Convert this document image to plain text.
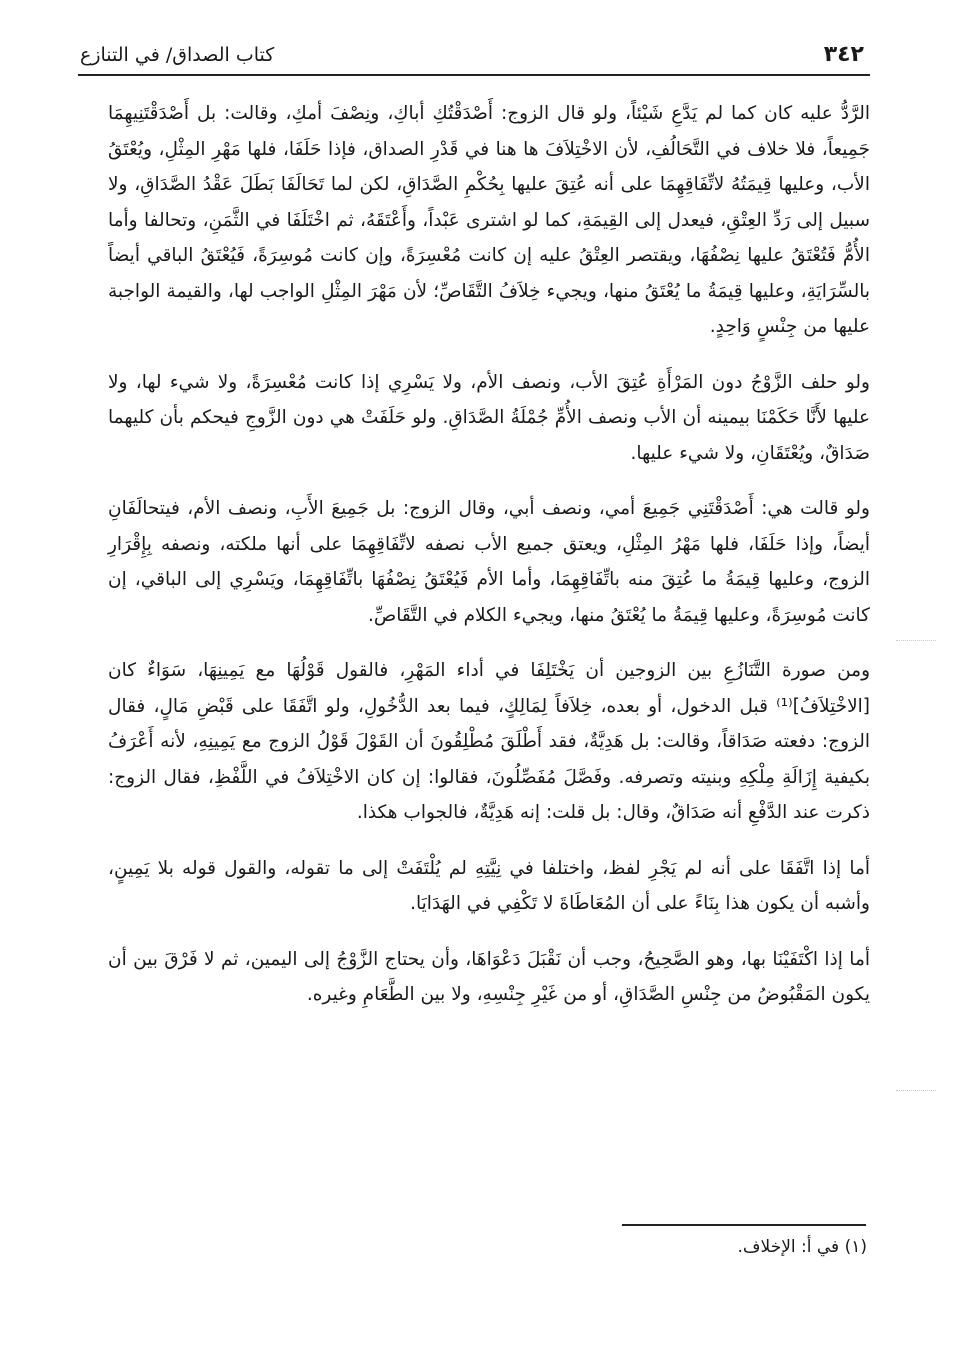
٣٤٢
كتاب الصداق/ في التنازع

الرَّدُّ عليه كان كما لم يَدَّعِ شَيْئاً، ولو قال الزوج: أَصْدَقْتُكِ أباكِ، ونِصْفَ أمكِ، وقالت: بل أَصْدَقْتَنِيهِمَا جَمِيعاً، فلا خلاف في التَّحَالُفِ، لأن الاخْتِلاَفَ ها هنا في قَدْرِ الصداق، فإذا حَلَفَا، فلها مَهْرِ المِثْلِ، ويُعْتَقُ الأب، وعليها قِيمَتُهُ لاتِّفَاقِهِمَا على أنه عُتِقَ عليها بِحُكْمِ الصَّدَاقِ، لكن لما تَحَالَفَا بَطَلَ عَقْدُ الصَّدَاقِ، ولا سبيل إلى رَدِّ العِتْقِ، فيعدل إلى القِيمَةِ، كما لو اشترى عَبْداً، وأَعْتَقَهُ، ثم اخْتَلَفَا في الثَّمَنِ، وتحالفا وأما الأُمُّ فَتُعْتَقُ عليها نِصْفُهَا، ويقتصر العِتْقُ عليه إن كانت مُعْسِرَةً، وإن كانت مُوسِرَةً، فَيُعْتَقُ الباقي أيضاً بالسِّرَايَةِ، وعليها قِيمَةُ ما يُعْتَقُ منها، ويجيء خِلاَفُ التَّقَاصِّ؛ لأن مَهْرَ المِثْلِ الواجب لها، والقيمة الواجبة عليها من جِنْسٍ وَاحِدٍ.

ولو حلف الزَّوْجُ دون المَرْأَةِ عُتِقَ الأب، ونصف الأم، ولا يَسْرِي إذا كانت مُعْسِرَةً، ولا شيء لها، ولا عليها لأَنَّا حَكَمْنَا بيمينه أن الأب ونصف الأُمِّ جُمْلَةُ الصَّدَاقِ. ولو حَلَفَتْ هي دون الزَّوجِ فيحكم بأن كليهما صَدَاقٌ، ويُعْتَقَانِ، ولا شيء عليها.

ولو قالت هي: أَصْدَقْتَنِي جَمِيعَ أمي، ونصف أبي، وقال الزوج: بل جَمِيعَ الأَبِ، ونصف الأم، فيتحالَفَانِ أيضاً، وإذا حَلَفَا، فلها مَهْرُ المِثْلِ، ويعتق جميع الأب نصفه لاتِّفَاقِهِمَا على أنها ملكته، ونصفه بِإِقْرَارِ الزوج، وعليها قِيمَةُ ما عُتِقَ منه باتِّفَاقِهِمَا، وأما الأم فَيُعْتَقُ نِصْفُهَا باتِّفَاقِهِمَا، ويَسْرِي إلى الباقي، إن كانت مُوسِرَةً، وعليها قِيمَةُ ما يُعْتَقُ منها، ويجيء الكلام في التَّقَاصِّ.

ومن صورة التَّنَازُعِ بين الزوجين أن يَخْتَلِفَا في أداء المَهْرِ، فالقول قَوْلُهَا مع يَمِينِهَا، سَوَاءٌ كان [الاخْتِلاَفُ]⁽¹⁾ قبل الدخول، أو بعده، خِلاَفاً لِمَالِكٍ، فيما بعد الدُّخُولِ، ولو اتَّفَقَا على قَبْضِ مَالٍ، فقال الزوج: دفعته صَدَاقاً، وقالت: بل هَدِيَّةٌ، فقد أَطْلَقَ مُطْلِقُونَ أن القَوْلَ قَوْلُ الزوج مع يَمِينِهِ، لأنه أَعْرَفُ بكيفية إِزَالَةِ مِلْكِهِ وبنيته وتصرفه. وفَصَّلَ مُفَصِّلُونَ، فقالوا: إن كان الاخْتِلاَفُ في اللَّفْظِ، فقال الزوج: ذكرت عند الدَّفْعِ أنه صَدَاقٌ، وقال: بل قلت: إنه هَدِيَّةٌ، فالجواب هكذا.

أما إذا اتَّفَقَا على أنه لم يَجْرِ لفظ، واختلفا في نِيَّتِهِ لم يُلْتَفَتْ إلى ما تقوله، والقول قوله بلا يَمِينٍ، وأشبه أن يكون هذا بِنَاءً على أن المُعَاطَاةَ لا تَكْفِي في الهَدَايَا.

أما إذا اكْتَفَيْنَا بها، وهو الصَّحِيحُ، وجب أن نَقْبَلَ دَعْوَاهَا، وأن يحتاج الزَّوْجُ إلى اليمين، ثم لا فَرْقَ بين أن يكون المَقْبُوضُ من جِنْسِ الصَّدَاقِ، أو من غَيْرِ جِنْسِهِ، ولا بين الطَّعَامِ وغيره.

(١) في أ: الإخلاف.
